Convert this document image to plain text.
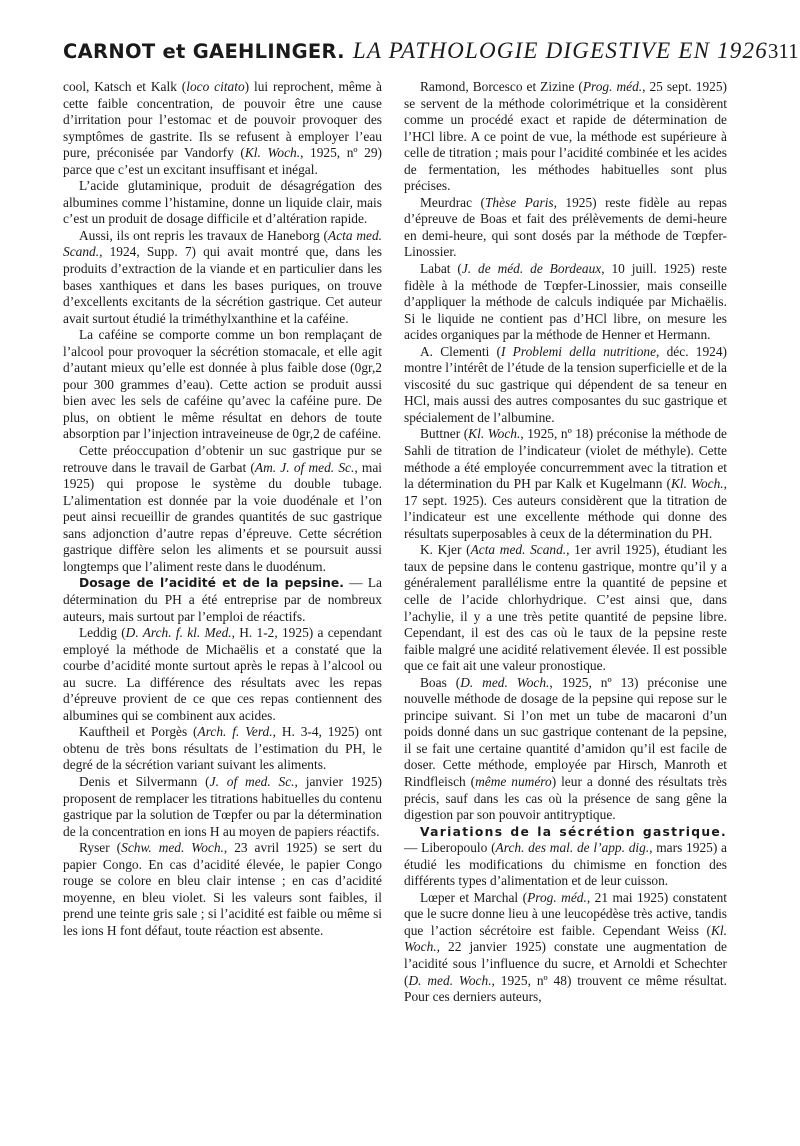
CARNOT et GAEHLINGER. LA PATHOLOGIE DIGESTIVE EN 1926 311

cool, Katsch et Kalk (loco citato) lui reprochent, même à cette faible concentration, de pouvoir être une cause d’irritation pour l’estomac et de pouvoir provoquer des symptômes de gastrite. Ils se refusent à employer l’eau pure, préconisée par Vandorfy (Kl. Woch., 1925, nº 29) parce que c’est un excitant insuffisant et inégal.

L’acide glutaminique, produit de désagrégation des albumines comme l’histamine, donne un liquide clair, mais c’est un produit de dosage difficile et d’altération rapide.

Aussi, ils ont repris les travaux de Haneborg (Acta med. Scand., 1924, Supp. 7) qui avait montré que, dans les produits d’extraction de la viande et en particulier dans les bases xanthiques et dans les bases puriques, on trouve d’excellents excitants de la sécrétion gastrique. Cet auteur avait surtout étudié la triméthylxanthine et la caféine.

La caféine se comporte comme un bon remplaçant de l’alcool pour provoquer la sécrétion stomacale, et elle agit d’autant mieux qu’elle est donnée à plus faible dose (0gr,2 pour 300 grammes d’eau). Cette action se produit aussi bien avec les sels de caféine qu’avec la caféine pure. De plus, on obtient le même résultat en dehors de toute absorption par l’injection intraveineuse de 0gr,2 de caféine.

Cette préoccupation d’obtenir un suc gastrique pur se retrouve dans le travail de Garbat (Am. J. of med. Sc., mai 1925) qui propose le système du double tubage. L’alimentation est donnée par la voie duodénale et l’on peut ainsi recueillir de grandes quantités de suc gastrique sans adjonction d’autre repas d’épreuve. Cette sécrétion gastrique diffère selon les aliments et se poursuit aussi longtemps que l’aliment reste dans le duodénum.

Dosage de l’acidité et de la pepsine. — La détermination du PH a été entreprise par de nombreux auteurs, mais surtout par l’emploi de réactifs.

Leddig (D. Arch. f. kl. Med., H. 1-2, 1925) a cependant employé la méthode de Michaëlis et a constaté que la courbe d’acidité monte surtout après le repas à l’alcool ou au sucre. La différence des résultats avec les repas d’épreuve provient de ce que ces repas contiennent des albumines qui se combinent aux acides.

Kauftheil et Porgès (Arch. f. Verd., H. 3-4, 1925) ont obtenu de très bons résultats de l’estimation du PH, le degré de la sécrétion variant suivant les aliments.

Denis et Silvermann (J. of med. Sc., janvier 1925) proposent de remplacer les titrations habituelles du contenu gastrique par la solution de Tœpfer ou par la détermination de la concentration en ions H au moyen de papiers réactifs.

Ryser (Schw. med. Woch., 23 avril 1925) se sert du papier Congo. En cas d’acidité élevée, le papier Congo rouge se colore en bleu clair intense ; en cas d’acidité moyenne, en bleu violet. Si les valeurs sont faibles, il prend une teinte gris sale ; si l’acidité est faible ou même si les ions H font défaut, toute réaction est absente.

Ramond, Borcesco et Zizine (Prog. méd., 25 sept. 1925) se servent de la méthode colorimétrique et la considèrent comme un procédé exact et rapide de détermination de l’HCl libre. A ce point de vue, la méthode est supérieure à celle de titration ; mais pour l’acidité combinée et les acides de fermentation, les méthodes habituelles sont plus précises.

Meurdrac (Thèse Paris, 1925) reste fidèle au repas d’épreuve de Boas et fait des prélèvements de demi-heure en demi-heure, qui sont dosés par la méthode de Tœpfer-Linossier.

Labat (J. de méd. de Bordeaux, 10 juill. 1925) reste fidèle à la méthode de Tœpfer-Linossier, mais conseille d’appliquer la méthode de calculs indiquée par Michaëlis. Si le liquide ne contient pas d’HCl libre, on mesure les acides organiques par la méthode de Henner et Hermann.

A. Clementi (I Problemi della nutritione, déc. 1924) montre l’intérêt de l’étude de la tension superficielle et de la viscosité du suc gastrique qui dépendent de sa teneur en HCl, mais aussi des autres composantes du suc gastrique et spécialement de l’albumine.

Buttner (Kl. Woch., 1925, nº 18) préconise la méthode de Sahli de titration de l’indicateur (violet de méthyle). Cette méthode a été employée concurremment avec la titration et la détermination du PH par Kalk et Kugelmann (Kl. Woch., 17 sept. 1925). Ces auteurs considèrent que la titration de l’indicateur est une excellente méthode qui donne des résultats superposables à ceux de la détermination du PH.

K. Kjer (Acta med. Scand., 1er avril 1925), étudiant les taux de pepsine dans le contenu gastrique, montre qu’il y a généralement parallélisme entre la quantité de pepsine et celle de l’acide chlorhydrique. C’est ainsi que, dans l’achylie, il y a une très petite quantité de pepsine libre. Cependant, il est des cas où le taux de la pepsine reste faible malgré une acidité relativement élevée. Il est possible que ce fait ait une valeur pronostique.

Boas (D. med. Woch., 1925, nº 13) préconise une nouvelle méthode de dosage de la pepsine qui repose sur le principe suivant. Si l’on met un tube de macaroni d’un poids donné dans un suc gastrique contenant de la pepsine, il se fait une certaine quantité d’amidon qu’il est facile de doser. Cette méthode, employée par Hirsch, Manroth et Rindfleisch (même numéro) leur a donné des résultats très précis, sauf dans les cas où la présence de sang gêne la digestion par son pouvoir antitryptique.

Variations de la sécrétion gastrique. — Liberopoulo (Arch. des mal. de l’app. dig., mars 1925) a étudié les modifications du chimisme en fonction des différents types d’alimentation et de leur cuisson.

Lœper et Marchal (Prog. méd., 21 mai 1925) constatent que le sucre donne lieu à une leucopédèse très active, tandis que l’action sécrétoire est faible. Cependant Weiss (Kl. Woch., 22 janvier 1925) constate une augmentation de l’acidité sous l’influence du sucre, et Arnoldi et Schechter (D. med. Woch., 1925, nº 48) trouvent ce même résultat. Pour ces derniers auteurs,
